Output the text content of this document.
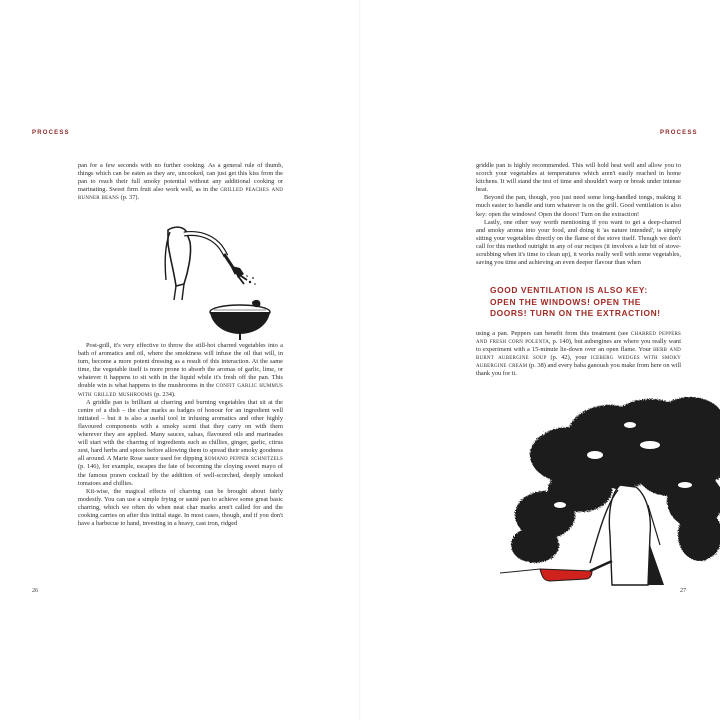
PROCESS

pan for a few seconds with no further cooking. As a general rule of thumb, things which can be eaten as they are, uncooked, can just get this kiss from the pan to reach their full smoky potential without any additional cooking or marinating. Sweet firm fruit also work well, as in the grilled peaches and runner beans (p. 37).

Post-grill, it's very effective to throw the still-hot charred vegetables into a bath of aromatics and oil, where the smokiness will infuse the oil that will, in turn, become a more potent dressing as a result of this interaction. At the same time, the vegetable itself is more prone to absorb the aromas of garlic, lime, or whatever it happens to sit with in the liquid while it's fresh off the pan. This double win is what happens to the mushrooms in the confit garlic hummus with grilled mushrooms (p. 234).

A griddle pan is brilliant at charring and burning vegetables that sit at the centre of a dish – the char marks as badges of honour for an ingredient well initiated – but it is also a useful tool in infusing aromatics and other highly flavoured components with a smoky scent that they carry on with them wherever they are applied. Many sauces, salsas, flavoured oils and marinades will start with the charring of ingredients such as chillies, ginger, garlic, citrus zest, hard herbs and spices before allowing them to spread their smoky goodness all around. A Marie Rose sauce used for dipping romano pepper schnitzels (p. 146), for example, escapes the fate of becoming the cloying sweet mayo of the famous prawn cocktail by the addition of well-scorched, deeply smoked tomatoes and chillies.

Kit-wise, the magical effects of charring can be brought about fairly modestly. You can use a simple frying or sauté pan to achieve some great basic charring, which we often do when neat char marks aren't called for and the cooking carries on after this initial stage. In most cases, though, and if you don't have a barbecue to hand, investing in a heavy, cast iron, ridged

26
PROCESS

griddle pan is highly recommended. This will hold heat well and allow you to scorch your vegetables at temperatures which aren't easily reached in home kitchens. It will stand the test of time and shouldn't warp or break under intense heat.

Beyond the pan, though, you just need some long-handled tongs, making it much easier to handle and turn whatever is on the grill. Good ventilation is also key: open the windows! Open the doors! Turn on the extraction!

Lastly, one other way worth mentioning if you want to get a deep-charred and smoky aroma into your food, and doing it 'as nature intended', is simply sitting your vegetables directly on the flame of the stove itself. Though we don't call for this method outright in any of our recipes (it involves a fair bit of stove-scrubbing when it's time to clean up), it works really well with some vegetables, saving you time and achieving an even deeper flavour than when

GOOD VENTILATION IS ALSO KEY:
OPEN THE WINDOWS! OPEN THE
DOORS! TURN ON THE EXTRACTION!

using a pan. Peppers can benefit from this treatment (see charred peppers and fresh corn polenta, p. 140), but aubergines are where you really want to experiment with a 15-minute lie-down over an open flame. Your herb and burnt aubergine soup (p. 42), your iceberg wedges with smoky aubergine cream (p. 38) and every baba ganoush you make from here on will thank you for it.

27
